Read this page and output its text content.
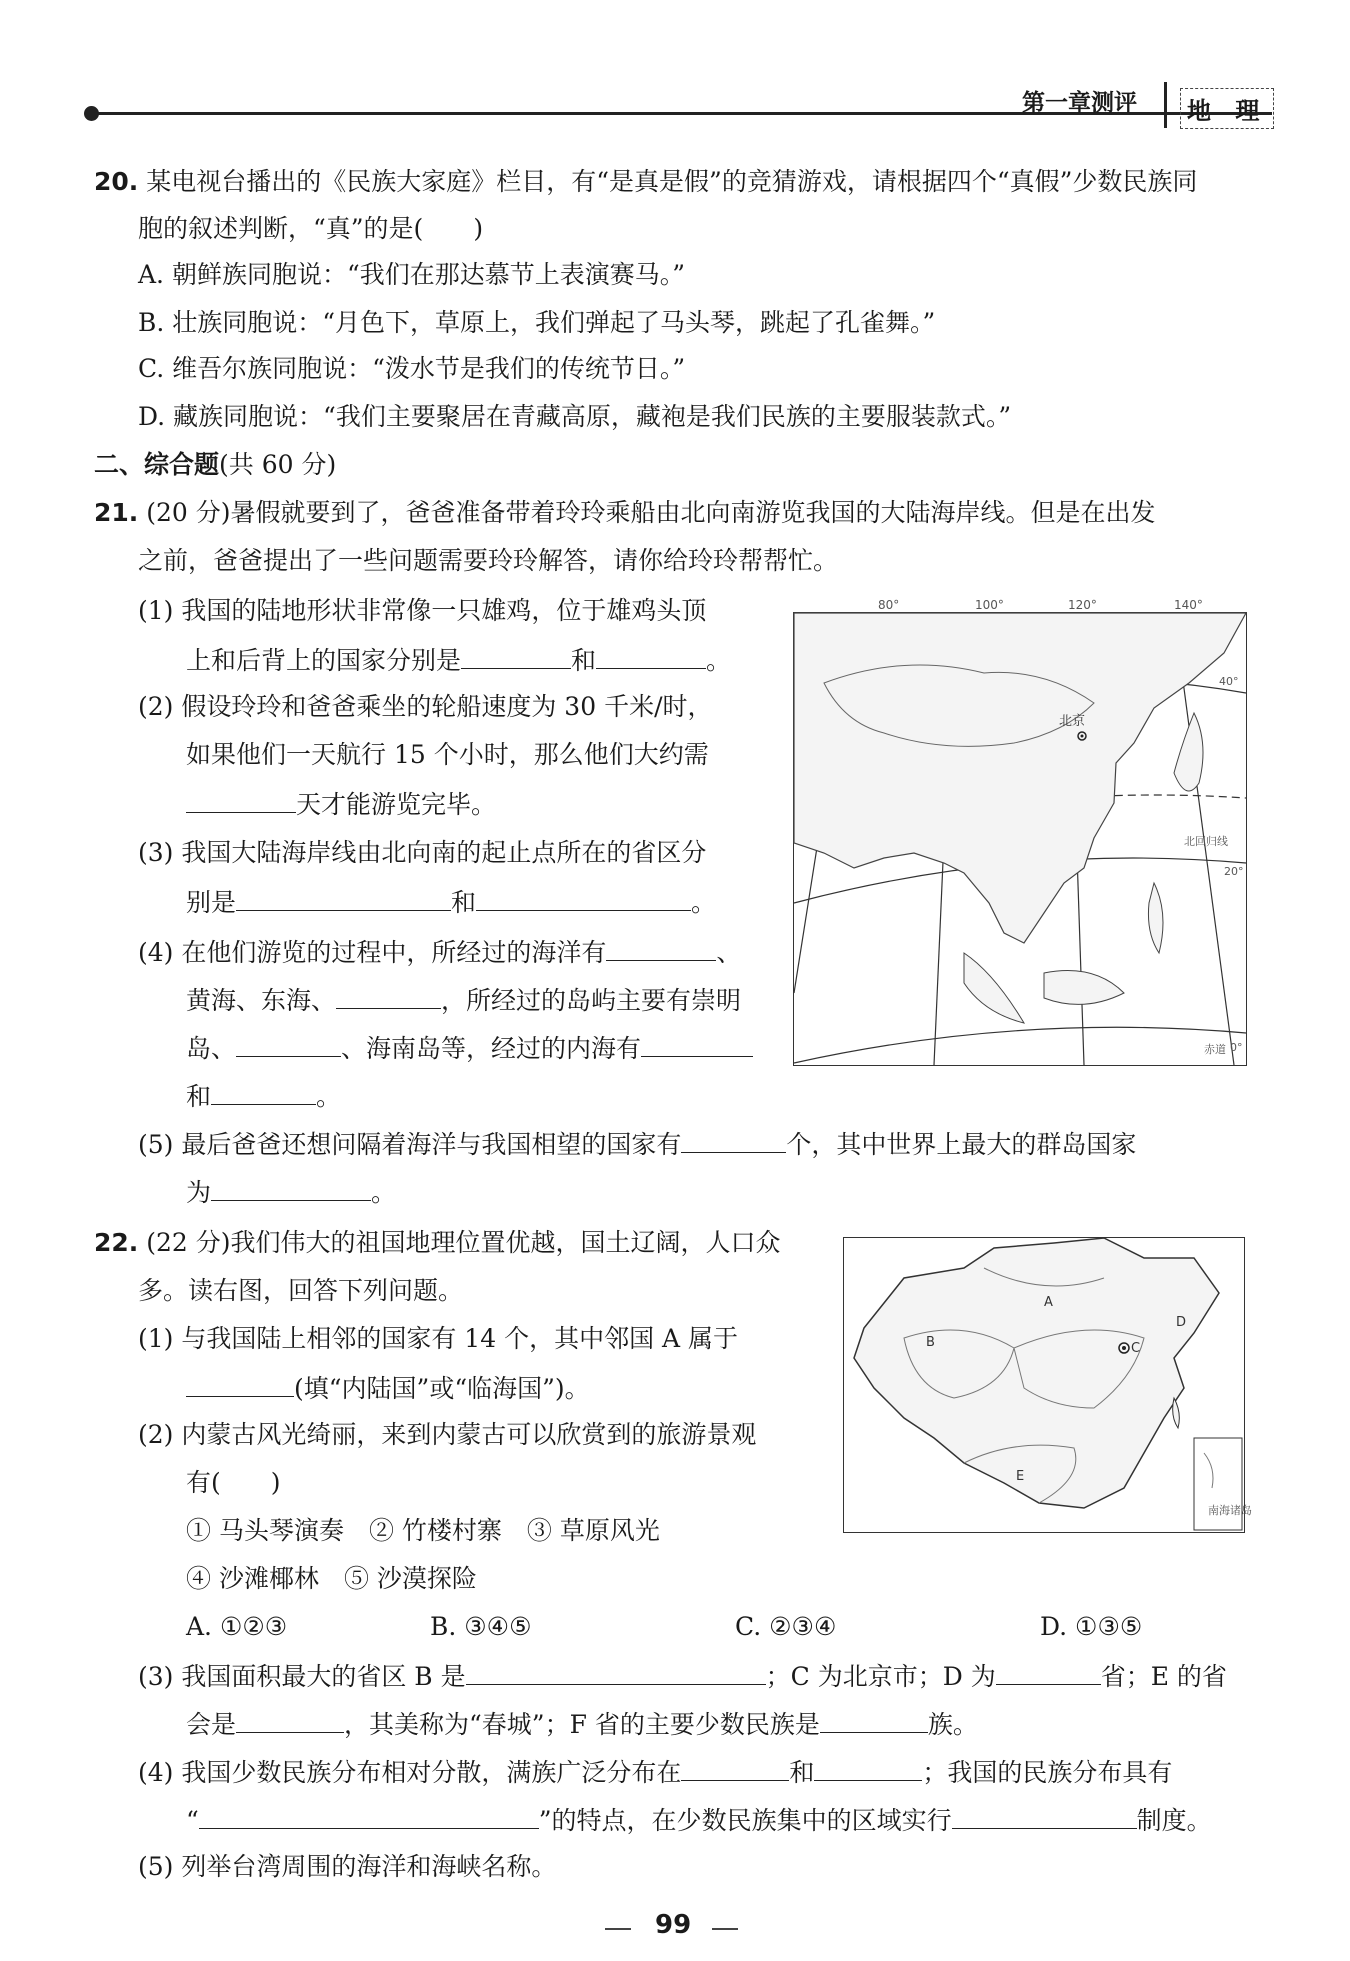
第一章测评 地 理
20. 某电视台播出的《民族大家庭》栏目，有“是真是假”的竞猜游戏，请根据四个“真假”少数民族同
胞的叙述判断，“真”的是(　　)
A. 朝鲜族同胞说：“我们在那达慕节上表演赛马。”
B. 壮族同胞说：“月色下，草原上，我们弹起了马头琴，跳起了孔雀舞。”
C. 维吾尔族同胞说：“泼水节是我们的传统节日。”
D. 藏族同胞说：“我们主要聚居在青藏高原，藏袍是我们民族的主要服装款式。”
二、综合题(共 60 分)
21. (20 分)暑假就要到了，爸爸准备带着玲玲乘船由北向南游览我国的大陆海岸线。但是在出发
之前，爸爸提出了一些问题需要玲玲解答，请你给玲玲帮帮忙。
(1) 我国的陆地形状非常像一只雄鸡，位于雄鸡头顶
上和后背上的国家分别是	和	。
(2) 假设玲玲和爸爸乘坐的轮船速度为 30 千米/时，
如果他们一天航行 15 个小时，那么他们大约需
天才能游览完毕。
(3) 我国大陆海岸线由北向南的起止点所在的省区分
别是	和	。
(4) 在他们游览的过程中，所经过的海洋有	、
黄海、东海、	，所经过的岛屿主要有崇明
岛、	、海南岛等，经过的内海有
和	。
(5) 最后爸爸还想问隔着海洋与我国相望的国家有	个，其中世界上最大的群岛国家
为	。
北京
北回归线
赤道
40°
20°
0°
80°	100°	120°	140°
22. (22 分)我们伟大的祖国地理位置优越，国土辽阔，人口众
多。读右图，回答下列问题。
(1) 与我国陆上相邻的国家有 14 个，其中邻国 A 属于
(填“内陆国”或“临海国”)。
(2) 内蒙古风光绮丽，来到内蒙古可以欣赏到的旅游景观
有(　　)
① 马头琴演奏　② 竹楼村寨　③ 草原风光
④ 沙滩椰林　⑤ 沙漠探险
A. ①②③	B. ③④⑤	C. ②③④	D. ①③⑤
(3) 我国面积最大的省区 B 是	；C 为北京市；D 为	省；E 的省
会是	，其美称为“春城”；F 省的主要少数民族是	族。
(4) 我国少数民族分布相对分散，满族广泛分布在	和	；我国的民族分布具有
“	”的特点，在少数民族集中的区域实行	制度。
(5) 列举台湾周围的海洋和海峡名称。
A
B	C
D
E
南海诸岛
99
